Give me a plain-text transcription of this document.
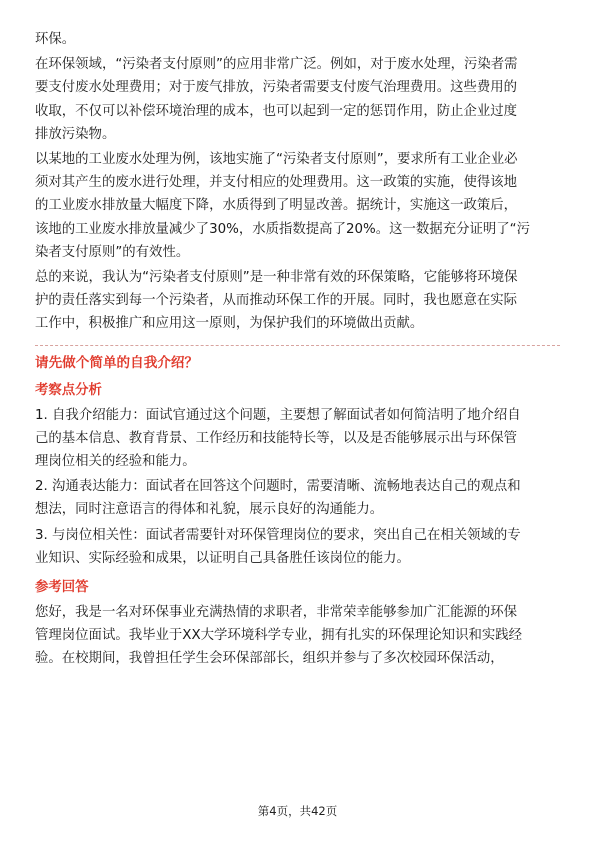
环保。
在环保领域，“污染者支付原则”的应用非常广泛。例如，对于废水处理，污染者需
要支付废水处理费用；对于废气排放，污染者需要支付废气治理费用。这些费用的
收取，不仅可以补偿环境治理的成本，也可以起到一定的惩罚作用，防止企业过度
排放污染物。
以某地的工业废水处理为例，该地实施了“污染者支付原则”，要求所有工业企业必
须对其产生的废水进行处理，并支付相应的处理费用。这一政策的实施，使得该地
的工业废水排放量大幅度下降，水质得到了明显改善。据统计，实施这一政策后，
该地的工业废水排放量减少了30%，水质指数提高了20%。这一数据充分证明了“污
染者支付原则”的有效性。
总的来说，我认为“污染者支付原则”是一种非常有效的环保策略，它能够将环境保
护的责任落实到每一个污染者，从而推动环保工作的开展。同时，我也愿意在实际
工作中，积极推广和应用这一原则，为保护我们的环境做出贡献。
请先做个简单的自我介绍？
考察点分析
1. 自我介绍能力：面试官通过这个问题，主要想了解面试者如何简洁明了地介绍自
己的基本信息、教育背景、工作经历和技能特长等，以及是否能够展示出与环保管
理岗位相关的经验和能力。
2. 沟通表达能力：面试者在回答这个问题时，需要清晰、流畅地表达自己的观点和
想法，同时注意语言的得体和礼貌，展示良好的沟通能力。
3. 与岗位相关性：面试者需要针对环保管理岗位的要求，突出自己在相关领域的专
业知识、实际经验和成果，以证明自己具备胜任该岗位的能力。
参考回答
您好，我是一名对环保事业充满热情的求职者，非常荣幸能够参加广汇能源的环保
管理岗位面试。我毕业于XX大学环境科学专业，拥有扎实的环保理论知识和实践经
验。在校期间，我曾担任学生会环保部部长，组织并参与了多次校园环保活动，
第4页，共42页
